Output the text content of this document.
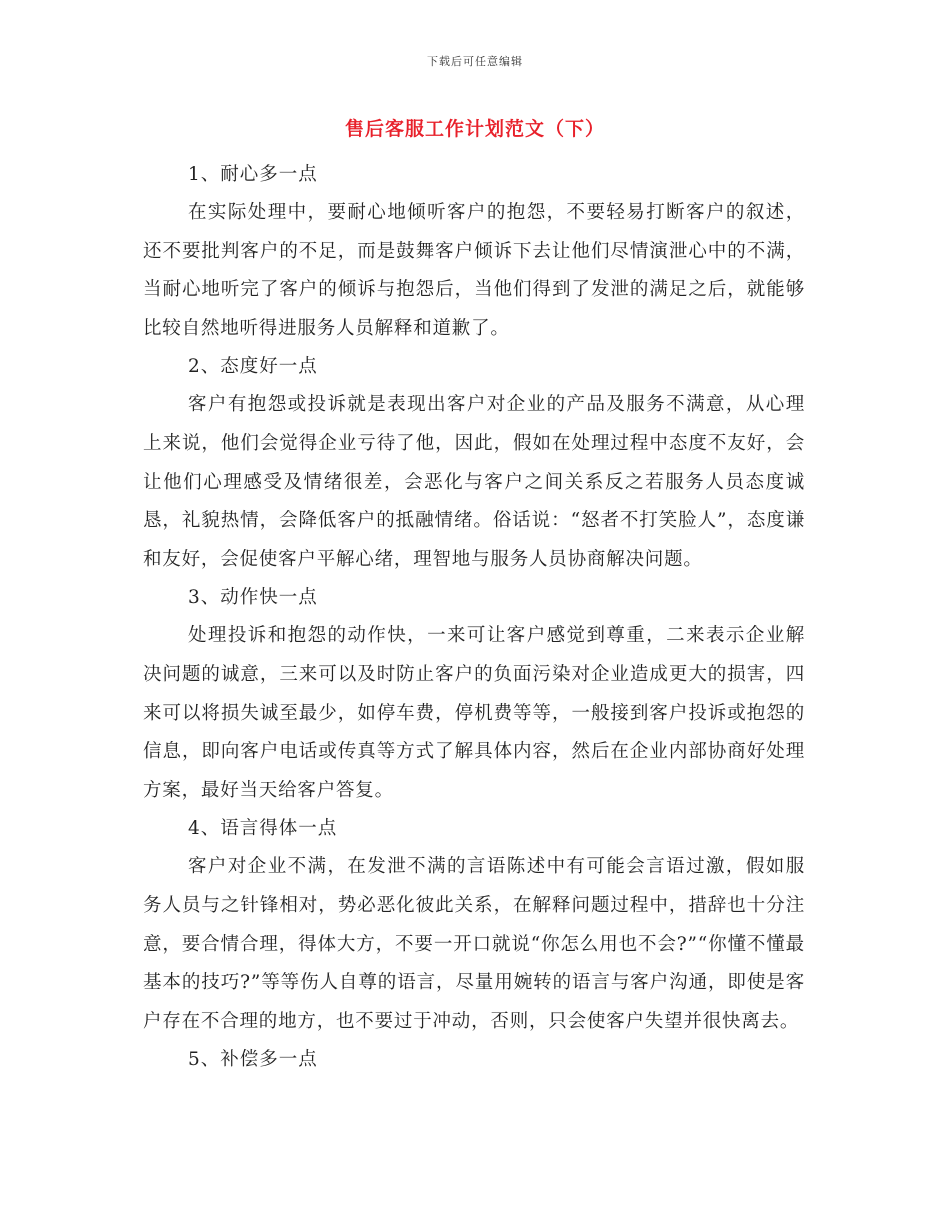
下载后可任意编辑
售后客服工作计划范文（下）

1、耐心多一点

在实际处理中，要耐心地倾听客户的抱怨，不要轻易打断客户的叙述，还不要批判客户的不足，而是鼓舞客户倾诉下去让他们尽情演泄心中的不满，当耐心地听完了客户的倾诉与抱怨后，当他们得到了发泄的满足之后，就能够比较自然地听得进服务人员解释和道歉了。

2、态度好一点

客户有抱怨或投诉就是表现出客户对企业的产品及服务不满意，从心理上来说，他们会觉得企业亏待了他，因此，假如在处理过程中态度不友好，会让他们心理感受及情绪很差，会恶化与客户之间关系反之若服务人员态度诚恳，礼貌热情，会降低客户的抵融情绪。俗话说：“怒者不打笑脸人”，态度谦和友好，会促使客户平解心绪，理智地与服务人员协商解决问题。

3、动作快一点

处理投诉和抱怨的动作快，一来可让客户感觉到尊重，二来表示企业解决问题的诚意，三来可以及时防止客户的负面污染对企业造成更大的损害，四来可以将损失诚至最少，如停车费，停机费等等，一般接到客户投诉或抱怨的信息，即向客户电话或传真等方式了解具体内容，然后在企业内部协商好处理方案，最好当天给客户答复。

4、语言得体一点

客户对企业不满，在发泄不满的言语陈述中有可能会言语过激，假如服务人员与之针锋相对，势必恶化彼此关系，在解释问题过程中，措辞也十分注意，要合情合理，得体大方，不要一开口就说“你怎么用也不会?”“你懂不懂最基本的技巧?”等等伤人自尊的语言，尽量用婉转的语言与客户沟通，即使是客户存在不合理的地方，也不要过于冲动，否则，只会使客户失望并很快离去。

5、补偿多一点
